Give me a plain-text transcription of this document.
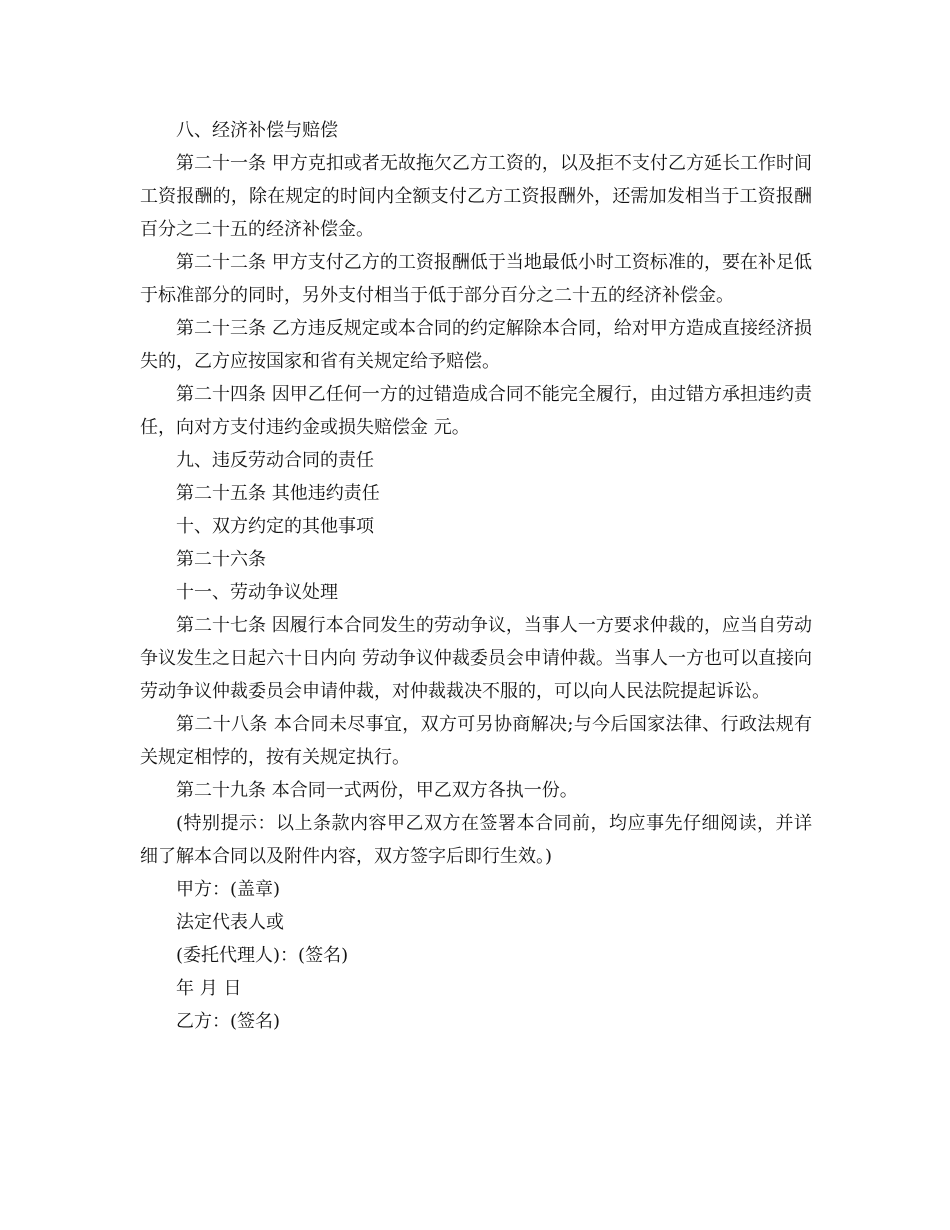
八、经济补偿与赔偿

第二十一条 甲方克扣或者无故拖欠乙方工资的，以及拒不支付乙方延长工作时间工资报酬的，除在规定的时间内全额支付乙方工资报酬外，还需加发相当于工资报酬百分之二十五的经济补偿金。

第二十二条 甲方支付乙方的工资报酬低于当地最低小时工资标准的，要在补足低于标准部分的同时，另外支付相当于低于部分百分之二十五的经济补偿金。

第二十三条 乙方违反规定或本合同的约定解除本合同，给对甲方造成直接经济损失的，乙方应按国家和省有关规定给予赔偿。

第二十四条 因甲乙任何一方的过错造成合同不能完全履行，由过错方承担违约责任，向对方支付违约金或损失赔偿金 元。

九、违反劳动合同的责任

第二十五条 其他违约责任

十、双方约定的其他事项

第二十六条

十一、劳动争议处理

第二十七条 因履行本合同发生的劳动争议，当事人一方要求仲裁的，应当自劳动争议发生之日起六十日内向 劳动争议仲裁委员会申请仲裁。当事人一方也可以直接向劳动争议仲裁委员会申请仲裁，对仲裁裁决不服的，可以向人民法院提起诉讼。

第二十八条 本合同未尽事宜，双方可另协商解决;与今后国家法律、行政法规有关规定相悖的，按有关规定执行。

第二十九条 本合同一式两份，甲乙双方各执一份。

(特别提示：以上条款内容甲乙双方在签署本合同前，均应事先仔细阅读，并详细了解本合同以及附件内容，双方签字后即行生效。)

甲方：(盖章)

法定代表人或

(委托代理人)：(签名)

年 月 日

乙方：(签名)
